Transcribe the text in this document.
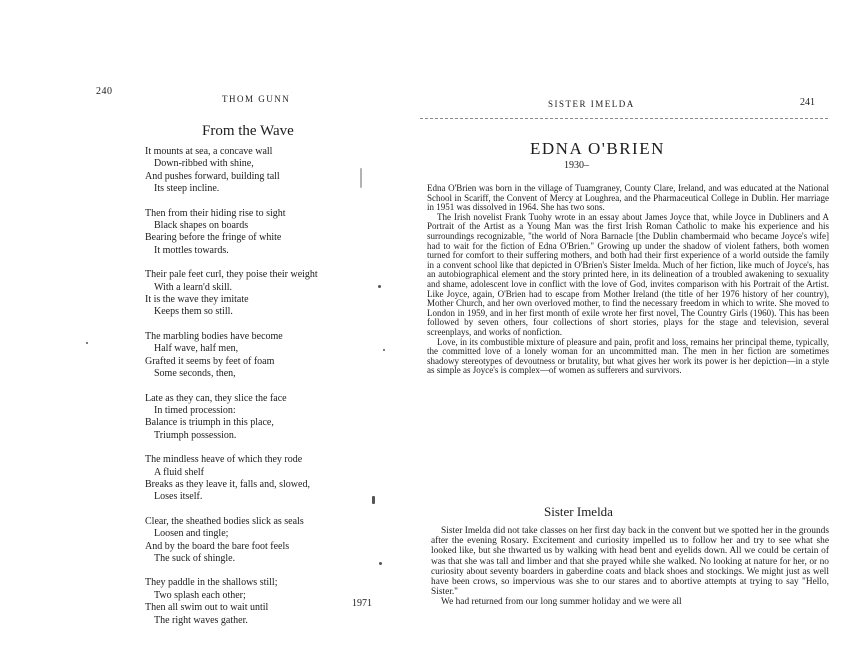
240
THOM GUNN
From the Wave
It mounts at sea, a concave wall
Down-ribbed with shine,
And pushes forward, building tall
Its steep incline.
Then from their hiding rise to sight
Black shapes on boards
Bearing before the fringe of white
It mottles towards.
Their pale feet curl, they poise their weight
With a learn'd skill.
It is the wave they imitate
Keeps them so still.
The marbling bodies have become
Half wave, half men,
Grafted it seems by feet of foam
Some seconds, then,
Late as they can, they slice the face
In timed procession:
Balance is triumph in this place,
Triumph possession.
The mindless heave of which they rode
A fluid shelf
Breaks as they leave it, falls and, slowed,
Loses itself.
Clear, the sheathed bodies slick as seals
Loosen and tingle;
And by the board the bare foot feels
The suck of shingle.
They paddle in the shallows still;
Two splash each other;
Then all swim out to wait until
The right waves gather.
1971
SISTER IMELDA	241
EDNA O'BRIEN
1930–

Edna O'Brien was born in the village of Tuamgraney, County Clare, Ireland, and was educated at the National School in Scariff, the Convent of Mercy at Loughrea, and the Pharmaceutical College in Dublin. Her marriage in 1951 was dissolved in 1964. She has two sons.

The Irish novelist Frank Tuohy wrote in an essay about James Joyce that, while Joyce in Dubliners and A Portrait of the Artist as a Young Man was the first Irish Roman Catholic to make his experience and his surroundings recognizable, "the world of Nora Barnacle [the Dublin chambermaid who became Joyce's wife] had to wait for the fiction of Edna O'Brien." Growing up under the shadow of violent fathers, both women turned for comfort to their suffering mothers, and both had their first experience of a world outside the family in a convent school like that depicted in O'Brien's Sister Imelda. Much of her fiction, like much of Joyce's, has an autobiographical element and the story printed here, in its delineation of a troubled awakening to sexuality and shame, adolescent love in conflict with the love of God, invites comparison with his Portrait of the Artist. Like Joyce, again, O'Brien had to escape from Mother Ireland (the title of her 1976 history of her country), Mother Church, and her own overloved mother, to find the necessary freedom in which to write. She moved to London in 1959, and in her first month of exile wrote her first novel, The Country Girls (1960). This has been followed by seven others, four collections of short stories, plays for the stage and television, several screenplays, and works of nonfiction.

Love, in its combustible mixture of pleasure and pain, profit and loss, remains her principal theme, typically, the committed love of a lonely woman for an uncommitted man. The men in her fiction are sometimes shadowy stereotypes of devoutness or brutality, but what gives her work its power is her depiction—in a style as simple as Joyce's is complex—of women as sufferers and survivors.

Sister Imelda

Sister Imelda did not take classes on her first day back in the convent but we spotted her in the grounds after the evening Rosary. Excitement and curiosity impelled us to follow her and try to see what she looked like, but she thwarted us by walking with head bent and eyelids down. All we could be certain of was that she was tall and limber and that she prayed while she walked. No looking at nature for her, or no curiosity about seventy boarders in gaberdine coats and black shoes and stockings. We might just as well have been crows, so impervious was she to our stares and to abortive attempts at trying to say "Hello, Sister."

We had returned from our long summer holiday and we were all
